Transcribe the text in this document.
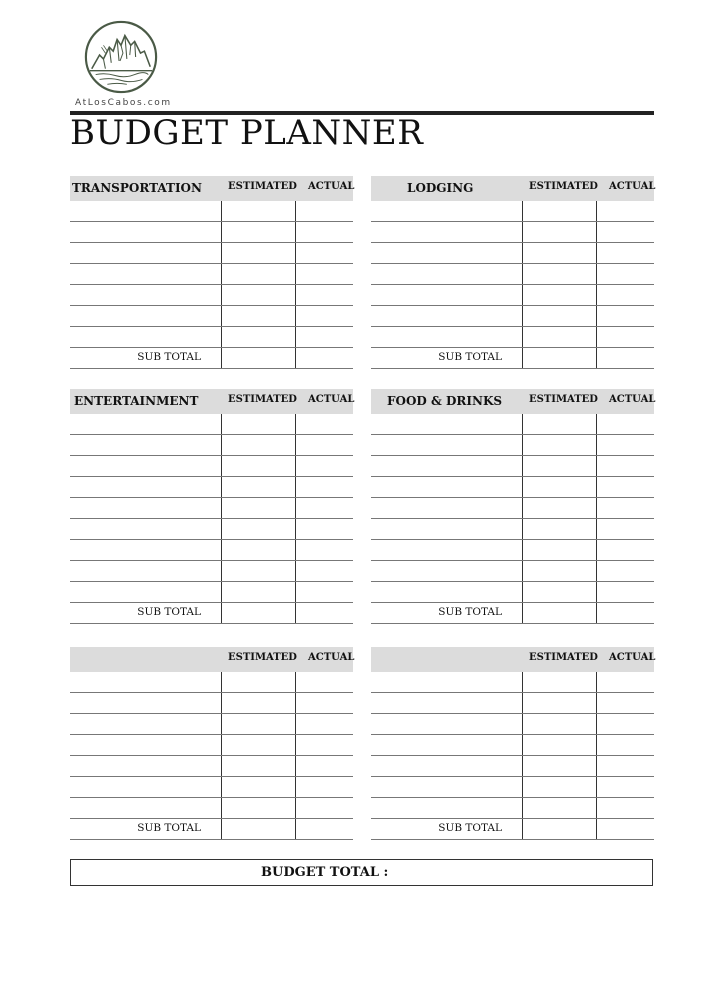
AtLosCabos.com
BUDGET PLANNER
TRANSPORTATION	ESTIMATED ACTUAL
SUB TOTAL
LODGING	ESTIMATED ACTUAL
SUB TOTAL
ENTERTAINMENT	ESTIMATED ACTUAL
SUB TOTAL
FOOD & DRINKS	ESTIMATED ACTUAL
SUB TOTAL
ESTIMATED ACTUAL
SUB TOTAL
ESTIMATED ACTUAL
SUB TOTAL
BUDGET TOTAL :
